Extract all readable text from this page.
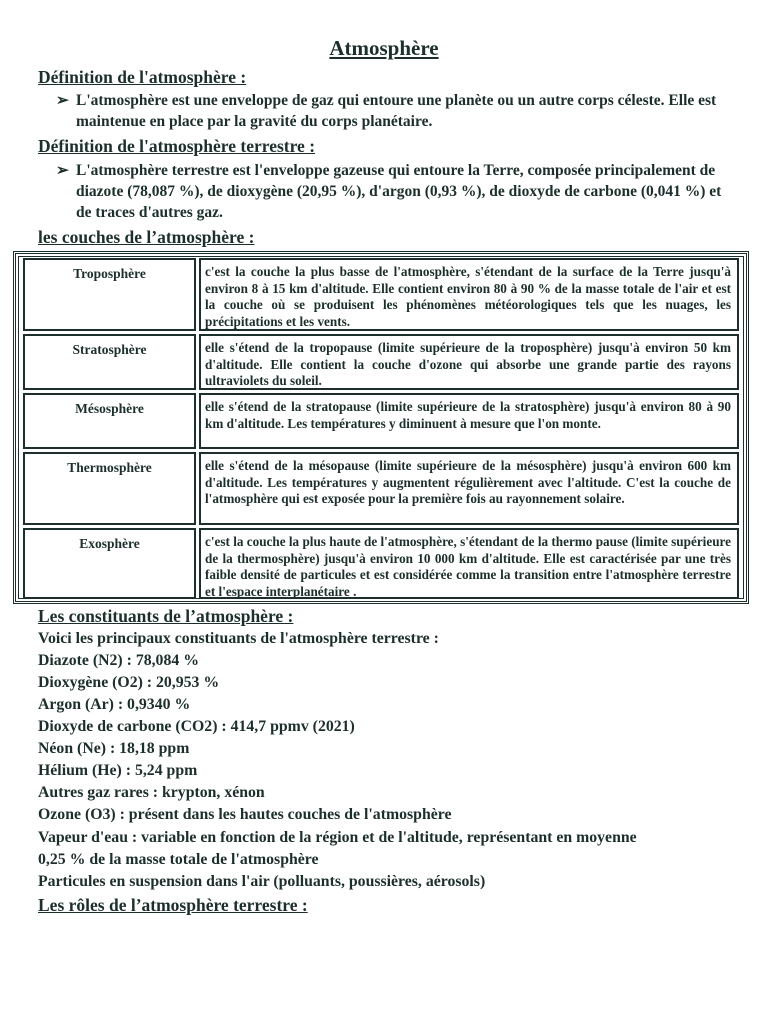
Atmosphère
Définition de l'atmosphère :
➢ L'atmosphère est une enveloppe de gaz qui entoure une planète ou un autre corps céleste. Elle est maintenue en place par la gravité du corps planétaire.
Définition de l'atmosphère terrestre :
➢ L'atmosphère terrestre est l'enveloppe gazeuse qui entoure la Terre, composée principalement de diazote (78,087 %), de dioxygène (20,95 %), d'argon (0,93 %), de dioxyde de carbone (0,041 %) et de traces d'autres gaz.
les couches de l’atmosphère :
Troposphère	c'est la couche la plus basse de l'atmosphère, s'étendant de la surface de la Terre jusqu'à environ 8 à 15 km d'altitude. Elle contient environ 80 à 90 % de la masse totale de l'air et est la couche où se produisent les phénomènes météorologiques tels que les nuages, les précipitations et les vents.
Stratosphère	elle s'étend de la tropopause (limite supérieure de la troposphère) jusqu'à environ 50 km d'altitude. Elle contient la couche d'ozone qui absorbe une grande partie des rayons ultraviolets du soleil.
Mésosphère	elle s'étend de la stratopause (limite supérieure de la stratosphère) jusqu'à environ 80 à 90 km d'altitude. Les températures y diminuent à mesure que l'on monte.
Thermosphère	elle s'étend de la mésopause (limite supérieure de la mésosphère) jusqu'à environ 600 km d'altitude. Les températures y augmentent régulièrement avec l'altitude. C'est la couche de l'atmosphère qui est exposée pour la première fois au rayonnement solaire.
Exosphère	c'est la couche la plus haute de l'atmosphère, s'étendant de la thermo pause (limite supérieure de la thermosphère) jusqu'à environ 10 000 km d'altitude. Elle est caractérisée par une très faible densité de particules et est considérée comme la transition entre l'atmosphère terrestre et l'espace interplanétaire .
Les constituants de l’atmosphère :
Voici les principaux constituants de l'atmosphère terrestre :
Diazote (N2) : 78,084 %
Dioxygène (O2) : 20,953 %
Argon (Ar) : 0,9340 %
Dioxyde de carbone (CO2) : 414,7 ppmv (2021)
Néon (Ne) : 18,18 ppm
Hélium (He) : 5,24 ppm
Autres gaz rares : krypton, xénon
Ozone (O3) : présent dans les hautes couches de l'atmosphère
Vapeur d'eau : variable en fonction de la région et de l'altitude, représentant en moyenne
0,25 % de la masse totale de l'atmosphère
Particules en suspension dans l'air (polluants, poussières, aérosols)
Les rôles de l’atmosphère terrestre :
